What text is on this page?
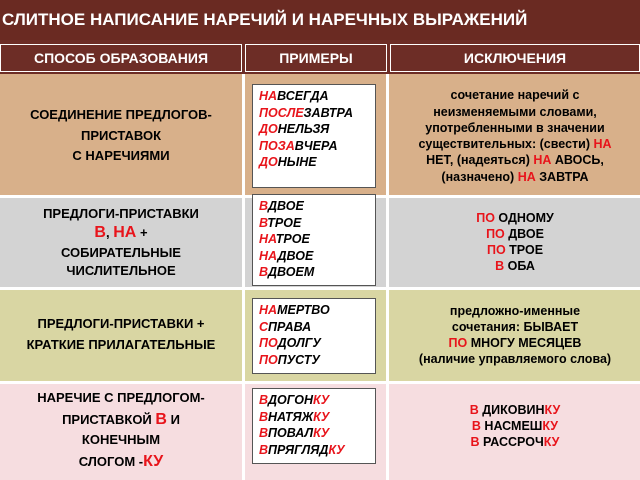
СЛИТНОЕ НАПИСАНИЕ НАРЕЧИЙ И НАРЕЧНЫХ ВЫРАЖЕНИЙ
СПОСОБ ОБРАЗОВАНИЯ	ПРИМЕРЫ	ИСКЛЮЧЕНИЯ
СОЕДИНЕНИЕ ПРЕДЛОГОВ-
ПРИСТАВОК
С НАРЕЧИЯМИ
НАВСЕГДА
ПОСЛЕЗАВТРА
ДОНЕЛЬЗЯ
ПОЗАВЧЕРА
ДОНЫНЕ
сочетание наречий с
неизменяемыми словами,
употребленными в значении
существительных: (свести) НА
НЕТ, (надеяться) НА АВОСЬ,
(назначено) НА ЗАВТРА
ПРЕДЛОГИ-ПРИСТАВКИ
В, НА +
СОБИРАТЕЛЬНЫЕ
ЧИСЛИТЕЛЬНОЕ
ВДВОЕ
ВТРОЕ
НАТРОЕ
НАДВОЕ
ВДВОЕМ
ПО ОДНОМУ
ПО ДВОЕ
ПО ТРОЕ
В ОБА
ПРЕДЛОГИ-ПРИСТАВКИ +
КРАТКИЕ ПРИЛАГАТЕЛЬНЫЕ
НАМЕРТВО
СПРАВА
ПОДОЛГУ
ПОПУСТУ
предложно-именные
сочетания: БЫВАЕТ
ПО МНОГУ МЕСЯЦЕВ
(наличие управляемого слова)
НАРЕЧИЕ С ПРЕДЛОГОМ-
ПРИСТАВКОЙ В И
КОНЕЧНЫМ
СЛОГОМ -КУ
ВДОГОНКУ
ВНАТЯЖКУ
ВПОВАЛКУ
ВПРЯГЛЯДКУ
В ДИКОВИНКУ
В НАСМЕШКУ
В РАССРОЧКУ
